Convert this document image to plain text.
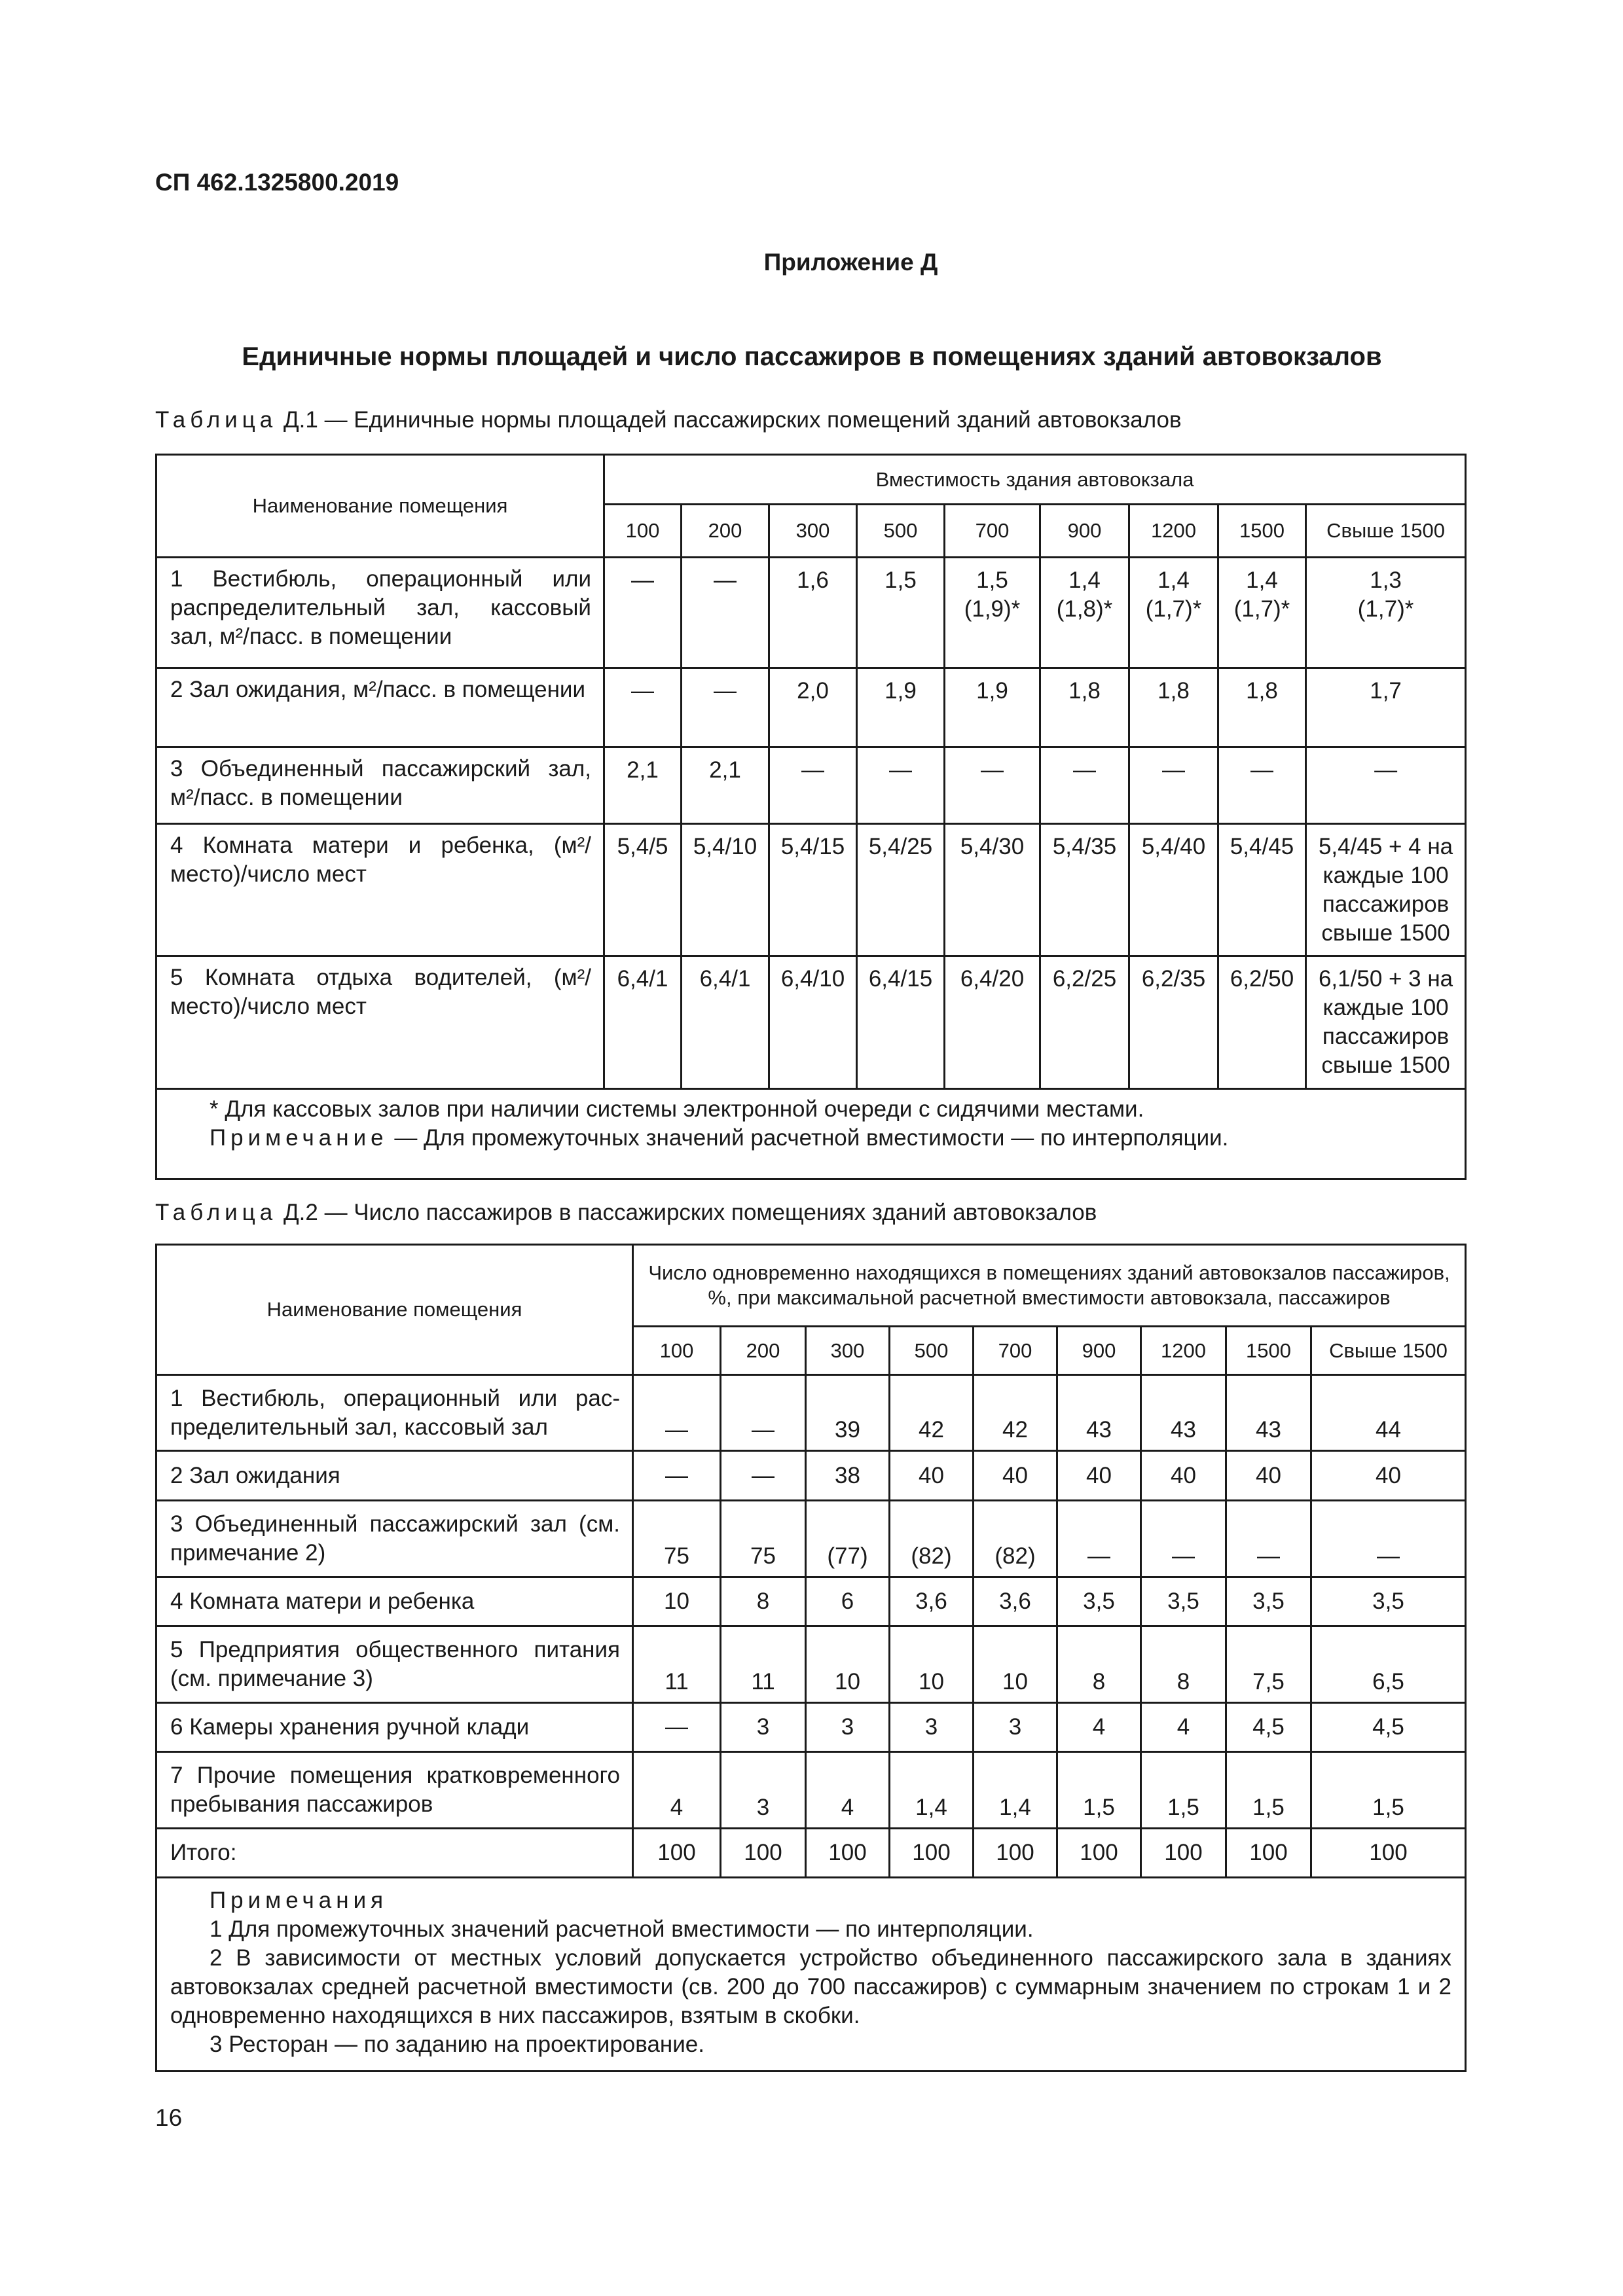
СП 462.1325800.2019
Приложение Д
Единичные нормы площадей и число пассажиров в помещениях зданий автовокзалов
Таблица Д.1 — Единичные нормы площадей пассажирских помещений зданий автовокзалов
Наименование помещения	Вместимость здания автовокзала								
	100	200	300	500	700	900	1200	1500	Свыше 1500
1 Вестибюль, операционный или распределительный зал, кассовый зал, м²/пасс. в помещении	—	—	1,6	1,5	1,5 (1,9)*	1,4 (1,8)*	1,4 (1,7)*	1,4 (1,7)*	1,3 (1,7)*
2 Зал ожидания, м²/пасс. в помещении	—	—	2,0	1,9	1,9	1,8	1,8	1,8	1,7
3 Объединенный пассажирский зал, м²/пасс. в помещении	2,1	2,1	—	—	—	—	—	—	—
4 Комната матери и ребенка, (м²/место)/число мест	5,4/5	5,4/10	5,4/15	5,4/25	5,4/30	5,4/35	5,4/40	5,4/45	5,4/45 + 4 на каждые 100 пассажиров свыше 1500
5 Комната отдыха водителей, (м²/место)/число мест	6,4/1	6,4/1	6,4/10	6,4/15	6,4/20	6,2/25	6,2/35	6,2/50	6,1/50 + 3 на каждые 100 пассажиров свыше 1500

* Для кассовых залов при наличии системы электронной очереди с сидячими местами.
Примечание — Для промежуточных значений расчетной вместимости — по интерполяции.									
Таблица Д.2 — Число пассажиров в пассажирских помещениях зданий автовокзалов
Наименование помещения	Число одновременно находящихся в помещениях зданий автовокзалов пассажиров, %, при максимальной расчетной вместимости автовокзала, пассажиров								
	100	200	300	500	700	900	1200	1500	Свыше 1500
1 Вестибюль, операционный или распределительный зал, кассовый зал	—	—	39	42	42	43	43	43	44
2 Зал ожидания	—	—	38	40	40	40	40	40	40
3 Объединенный пассажирский зал (см. примечание 2)	75	75	(77)	(82)	(82)	—	—	—	—
4 Комната матери и ребенка	10	8	6	3,6	3,6	3,5	3,5	3,5	3,5
5 Предприятия общественного питания (см. примечание 3)	11	11	10	10	10	8	8	7,5	6,5
6 Камеры хранения ручной клади	—	3	3	3	3	4	4	4,5	4,5
7 Прочие помещения кратковременного пребывания пассажиров	4	3	4	1,4	1,4	1,5	1,5	1,5	1,5
Итого:	100	100	100	100	100	100	100	100	100

Примечания
1 Для промежуточных значений расчетной вместимости — по интерполяции.
2 В зависимости от местных условий допускается устройство объединенного пассажирского зала в зданиях автовокзалах средней расчетной вместимости (св. 200 до 700 пассажиров) с суммарным значением по строкам 1 и 2 одновременно находящихся в них пассажиров, взятым в скобки.
3 Ресторан — по заданию на проектирование.									
16
